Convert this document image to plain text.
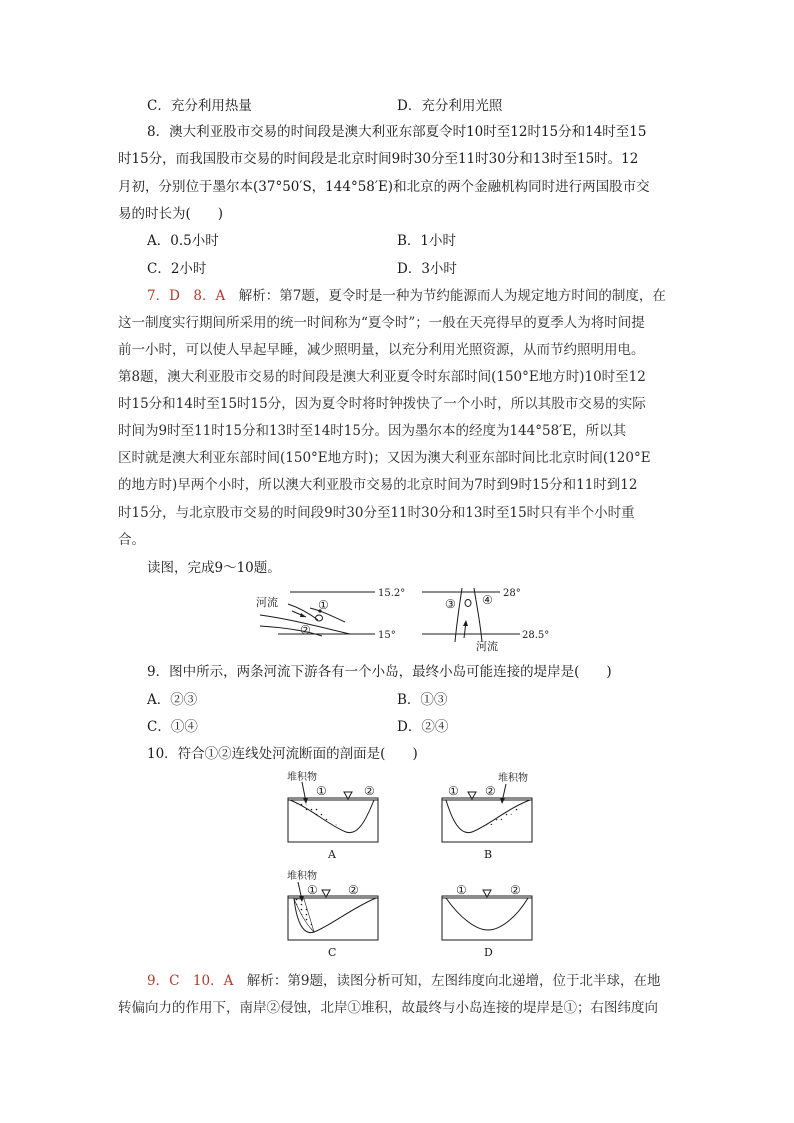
C．充分利用热量	D．充分利用光照
8．澳大利亚股市交易的时间段是澳大利亚东部夏令时10时至12时15分和14时至15
时15分，而我国股市交易的时间段是北京时间9时30分至11时30分和13时至15时。12
月初，分别位于墨尔本(37°50′S，144°58′E)和北京的两个金融机构同时进行两国股市交
易的时长为(　　)
A．0.5小时	B．1小时
C．2小时	D．3小时
7．D　8．A　 解析：第7题，夏令时是一种为节约能源而人为规定地方时间的制度，在
这一制度实行期间所采用的统一时间称为“夏令时”；一般在天亮得早的夏季人为将时间提
前一小时，可以使人早起早睡，减少照明量，以充分利用光照资源，从而节约照明用电。
第8题，澳大利亚股市交易的时间段是澳大利亚夏令时东部时间(150°E地方时)10时至12
时15分和14时至15时15分，因为夏令时将时钟拨快了一个小时，所以其股市交易的实际
时间为9时至11时15分和13时至14时15分。因为墨尔本的经度为144°58′E，所以其
区时就是澳大利亚东部时间(150°E地方时)；又因为澳大利亚东部时间比北京时间(120°E
的地方时)早两个小时，所以澳大利亚股市交易的北京时间为7时到9时15分和11时到12
时15分，与北京股市交易的时间段9时30分至11时30分和13时至15时只有半个小时重
合。
读图，完成9～10题。
河流	①
②
15.2°
15°
③ ④
河流
28°
28.5°
9．图中所示，两条河流下游各有一个小岛，最终小岛可能连接的堤岸是(　　)
A．②③	B．①③
C．①④	D．②④
10．符合①②连线处河流断面的剖面是(　　)
堆积物
①	②
A
堆积物
① ②
B
堆积物
①	②
C
①	②
D
9．C　10．A　 解析：第9题，读图分析可知，左图纬度向北递增，位于北半球，在地
转偏向力的作用下，南岸②侵蚀，北岸①堆积，故最终与小岛连接的堤岸是①；右图纬度向
